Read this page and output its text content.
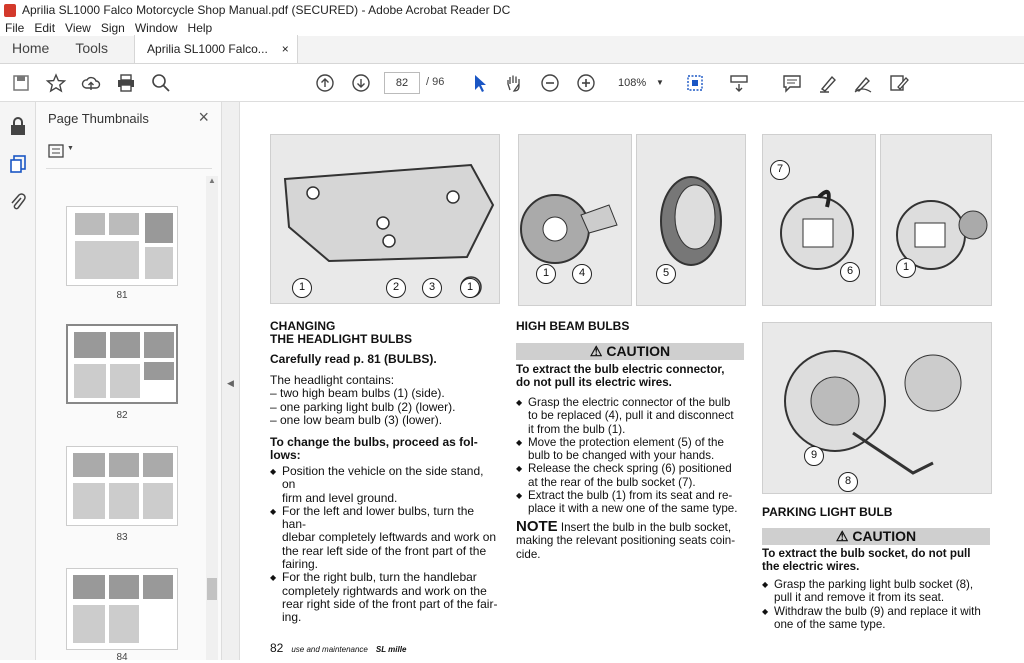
Aprilia SL1000 Falco Motorcycle Shop Manual.pdf (SECURED) - Adobe Acrobat Reader DC
File Edit View Sign Window Help
Home	Tools	Aprilia SL1000 Falco... ×
82	/ 96	108% ▼
Page Thumbnails	×
▼
81
82
83
84
▲
◀
1	2	3	1
1	4	5
7
6	1
9
8
CHANGING
THE HEADLIGHT BULBS
Carefully read p. 81 (BULBS).
The headlight contains:
– two high beam bulbs (1) (side).
– one parking light bulb (2) (lower).
– one low beam bulb (3) (lower).
To change the bulbs, proceed as fol-
lows:
◆ Position the vehicle on the side stand, on
firm and level ground.
◆ For the left and lower bulbs, turn the han-
dlebar completely leftwards and work on
the rear left side of the front part of the
fairing.
◆ For the right bulb, turn the handlebar
completely rightwards and work on the
rear right side of the front part of the fair-
ing.
HIGH BEAM BULBS
⚠ CAUTION
To extract the bulb electric connector,
do not pull its electric wires.
◆ Grasp the electric connector of the bulb
to be replaced (4), pull it and disconnect
it from the bulb (1).
◆ Move the protection element (5) of the
bulb to be changed with your hands.
◆ Release the check spring (6) positioned
at the rear of the bulb socket (7).
◆ Extract the bulb (1) from its seat and re-
place it with a new one of the same type.
NOTE Insert the bulb in the bulb socket,
making the relevant positioning seats coin-
cide.
PARKING LIGHT BULB
⚠ CAUTION
To extract the bulb socket, do not pull
the electric wires.
◆ Grasp the parking light bulb socket (8),
pull it and remove it from its seat.
◆ Withdraw the bulb (9) and replace it with
one of the same type.
82 use and maintenance SL mille
